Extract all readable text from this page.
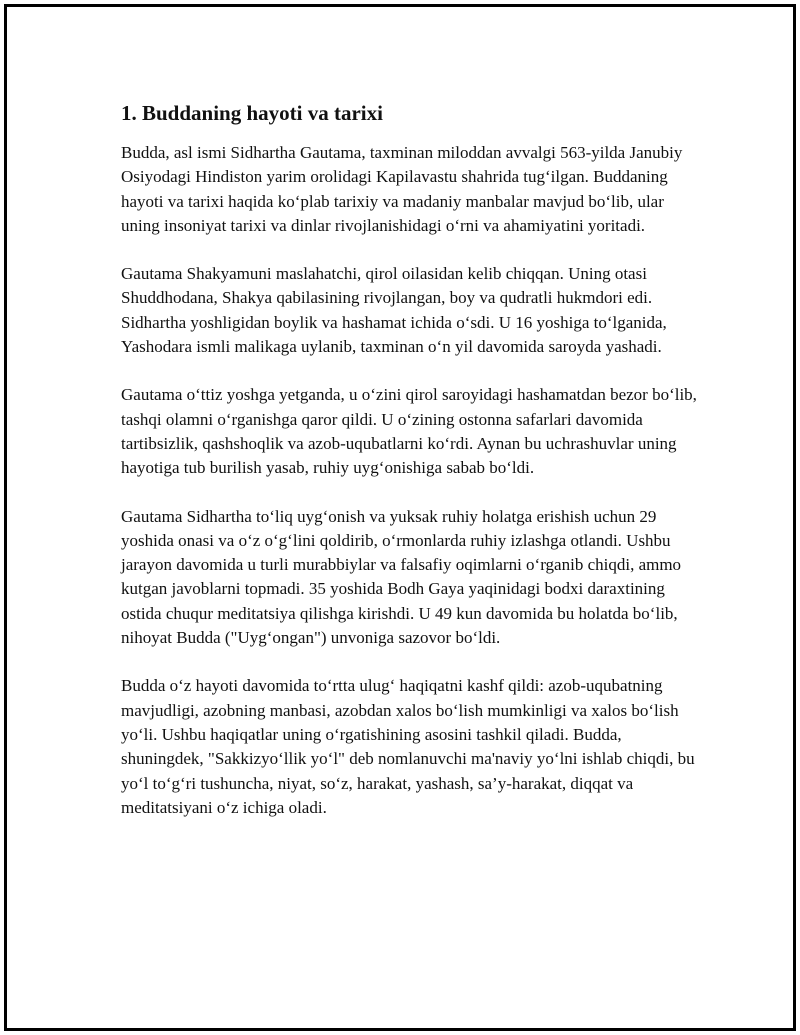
1. Buddaning hayoti va tarixi

Budda, asl ismi Sidhartha Gautama, taxminan miloddan avvalgi 563-yilda Janubiy Osiyodagi Hindiston yarim orolidagi Kapilavastu shahrida tug‘ilgan. Buddaning hayoti va tarixi haqida ko‘plab tarixiy va madaniy manbalar mavjud bo‘lib, ular uning insoniyat tarixi va dinlar rivojlanishidagi o‘rni va ahamiyatini yoritadi.

Gautama Shakyamuni maslahatchi, qirol oilasidan kelib chiqqan. Uning otasi Shuddhodana, Shakya qabilasining rivojlangan, boy va qudratli hukmdori edi. Sidhartha yoshligidan boylik va hashamat ichida o‘sdi. U 16 yoshiga to‘lganida, Yashodara ismli malikaga uylanib, taxminan o‘n yil davomida saroyda yashadi.

Gautama o‘ttiz yoshga yetganda, u o‘zini qirol saroyidagi hashamatdan bezor bo‘lib, tashqi olamni o‘rganishga qaror qildi. U o‘zining ostonna safarlari davomida tartibsizlik, qashshoqlik va azob-uqubatlarni ko‘rdi. Aynan bu uchrashuvlar uning hayotiga tub burilish yasab, ruhiy uyg‘onishiga sabab bo‘ldi.

Gautama Sidhartha to‘liq uyg‘onish va yuksak ruhiy holatga erishish uchun 29 yoshida onasi va o‘z o‘g‘lini qoldirib, o‘rmonlarda ruhiy izlashga otlandi. Ushbu jarayon davomida u turli murabbiylar va falsafiy oqimlarni o‘rganib chiqdi, ammo kutgan javoblarni topmadi. 35 yoshida Bodh Gaya yaqinidagi bodxi daraxtining ostida chuqur meditatsiya qilishga kirishdi. U 49 kun davomida bu holatda bo‘lib, nihoyat Budda ("Uyg‘ongan") unvoniga sazovor bo‘ldi.

Budda o‘z hayoti davomida to‘rtta ulug‘ haqiqatni kashf qildi: azob-uqubatning mavjudligi, azobning manbasi, azobdan xalos bo‘lish mumkinligi va xalos bo‘lish yo‘li. Ushbu haqiqatlar uning o‘rgatishining asosini tashkil qiladi. Budda, shuningdek, "Sakkizyo‘llik yo‘l" deb nomlanuvchi ma'naviy yo‘lni ishlab chiqdi, bu yo‘l to‘g‘ri tushuncha, niyat, so‘z, harakat, yashash, sa’y-harakat, diqqat va meditatsiyani o‘z ichiga oladi.
